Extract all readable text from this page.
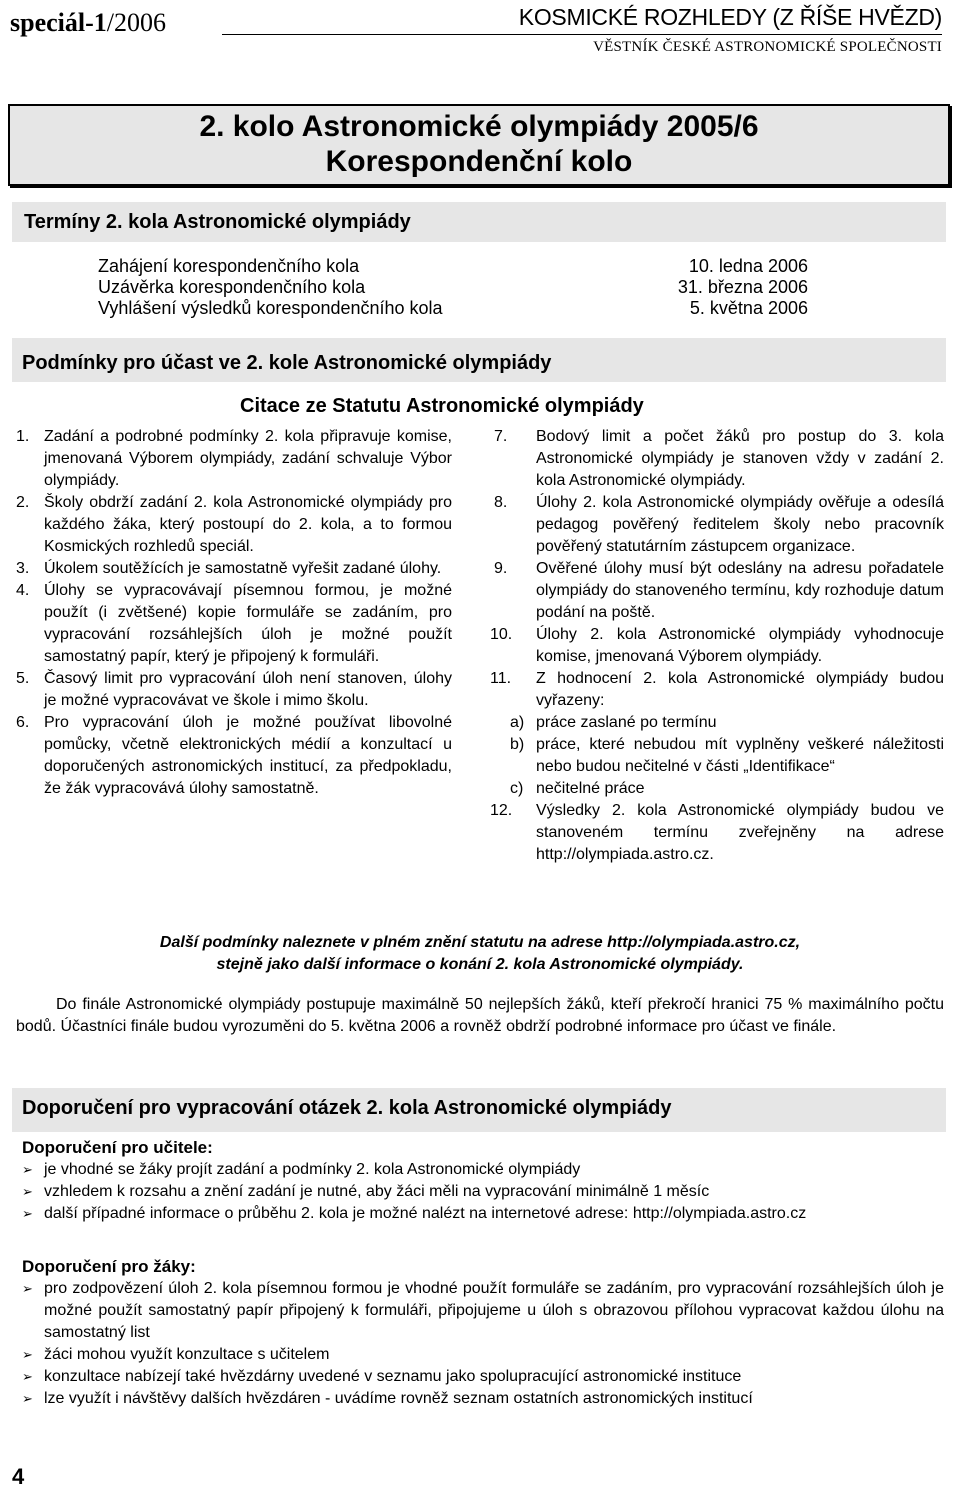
speciál-1/2006	KOSMICKÉ ROZHLEDY (Z ŘÍŠE HVĚZD)
VĚSTNÍK ČESKÉ ASTRONOMICKÉ SPOLEČNOSTI
2. kolo Astronomické olympiády 2005/6
Korespondenční kolo
Termíny 2. kola Astronomické olympiády
Zahájení korespondenčního kola	10. ledna 2006
Uzávěrka korespondenčního kola	31. března 2006
Vyhlášení výsledků korespondenčního kola	5. května 2006
Podmínky pro účast ve 2. kole Astronomické olympiády
Citace ze Statutu Astronomické olympiády
1. Zadání a podrobné podmínky 2. kola připravuje komise, jmenovaná Výborem olympiády, zadání schvaluje Výbor olympiády.
2. Školy obdrží zadání 2. kola Astronomické olympiády pro každého žáka, který postoupí do 2. kola, a to formou Kosmických rozhledů speciál.
3. Úkolem soutěžících je samostatně vyřešit zadané úlohy.
4. Úlohy se vypracovávají písemnou formou, je možné použít (i zvětšené) kopie formuláře se zadáním, pro vypracování rozsáhlejších úloh je možné použít samostatný papír, který je připojený k formuláři.
5. Časový limit pro vypracování úloh není stanoven, úlohy je možné vypracovávat ve škole i mimo školu.
6. Pro vypracování úloh je možné používat libovolné pomůcky, včetně elektronických médií a konzultací u doporučených astronomických institucí, za předpokladu, že žák vypracovává úlohy samostatně.
7. Bodový limit a počet žáků pro postup do 3. kola Astronomické olympiády je stanoven vždy v zadání 2. kola Astronomické olympiády.
8. Úlohy 2. kola Astronomické olympiády ověřuje a odesílá pedagog pověřený ředitelem školy nebo pracovník pověřený statutárním zástupcem organizace.
9. Ověřené úlohy musí být odeslány na adresu pořadatele olympiády do stanoveného termínu, kdy rozhoduje datum podání na poště.
10. Úlohy 2. kola Astronomické olympiády vyhodnocuje komise, jmenovaná Výborem olympiády.
11. Z hodnocení 2. kola Astronomické olympiády budou vyřazeny:
a) práce zaslané po termínu
b) práce, které nebudou mít vyplněny veškeré náležitosti nebo budou nečitelné v části „Identifikace“
c) nečitelné práce
12. Výsledky 2. kola Astronomické olympiády budou ve stanoveném termínu zveřejněny na adrese http://olympiada.astro.cz.
Další podmínky naleznete v plném znění statutu na adrese http://olympiada.astro.cz,
stejně jako další informace o konání 2. kola Astronomické olympiády.
Do finále Astronomické olympiády postupuje maximálně 50 nejlepších žáků, kteří překročí hranici 75 % maximálního počtu bodů. Účastníci finále budou vyrozuměni do 5. května 2006 a rovněž obdrží podrobné informace pro účast ve finále.
Doporučení pro vypracování otázek 2. kola Astronomické olympiády
Doporučení pro učitele:
➢ je vhodné se žáky projít zadání a podmínky 2. kola Astronomické olympiády
➢ vzhledem k rozsahu a znění zadání je nutné, aby žáci měli na vypracování minimálně 1 měsíc
➢ další případné informace o průběhu 2. kola je možné nalézt na internetové adrese: http://olympiada.astro.cz
Doporučení pro žáky:
➢ pro zodpovězení úloh 2. kola písemnou formou je vhodné použít formuláře se zadáním, pro vypracování rozsáhlejších úloh je možné použít samostatný papír připojený k formuláři, připojujeme u úloh s obrazovou přílohou vypracovat každou úlohu na samostatný list
➢ žáci mohou využít konzultace s učitelem
➢ konzultace nabízejí také hvězdárny uvedené v seznamu jako spolupracující astronomické instituce
➢ lze využít i návštěvy dalších hvězdáren - uvádíme rovněž seznam ostatních astronomických institucí
4
